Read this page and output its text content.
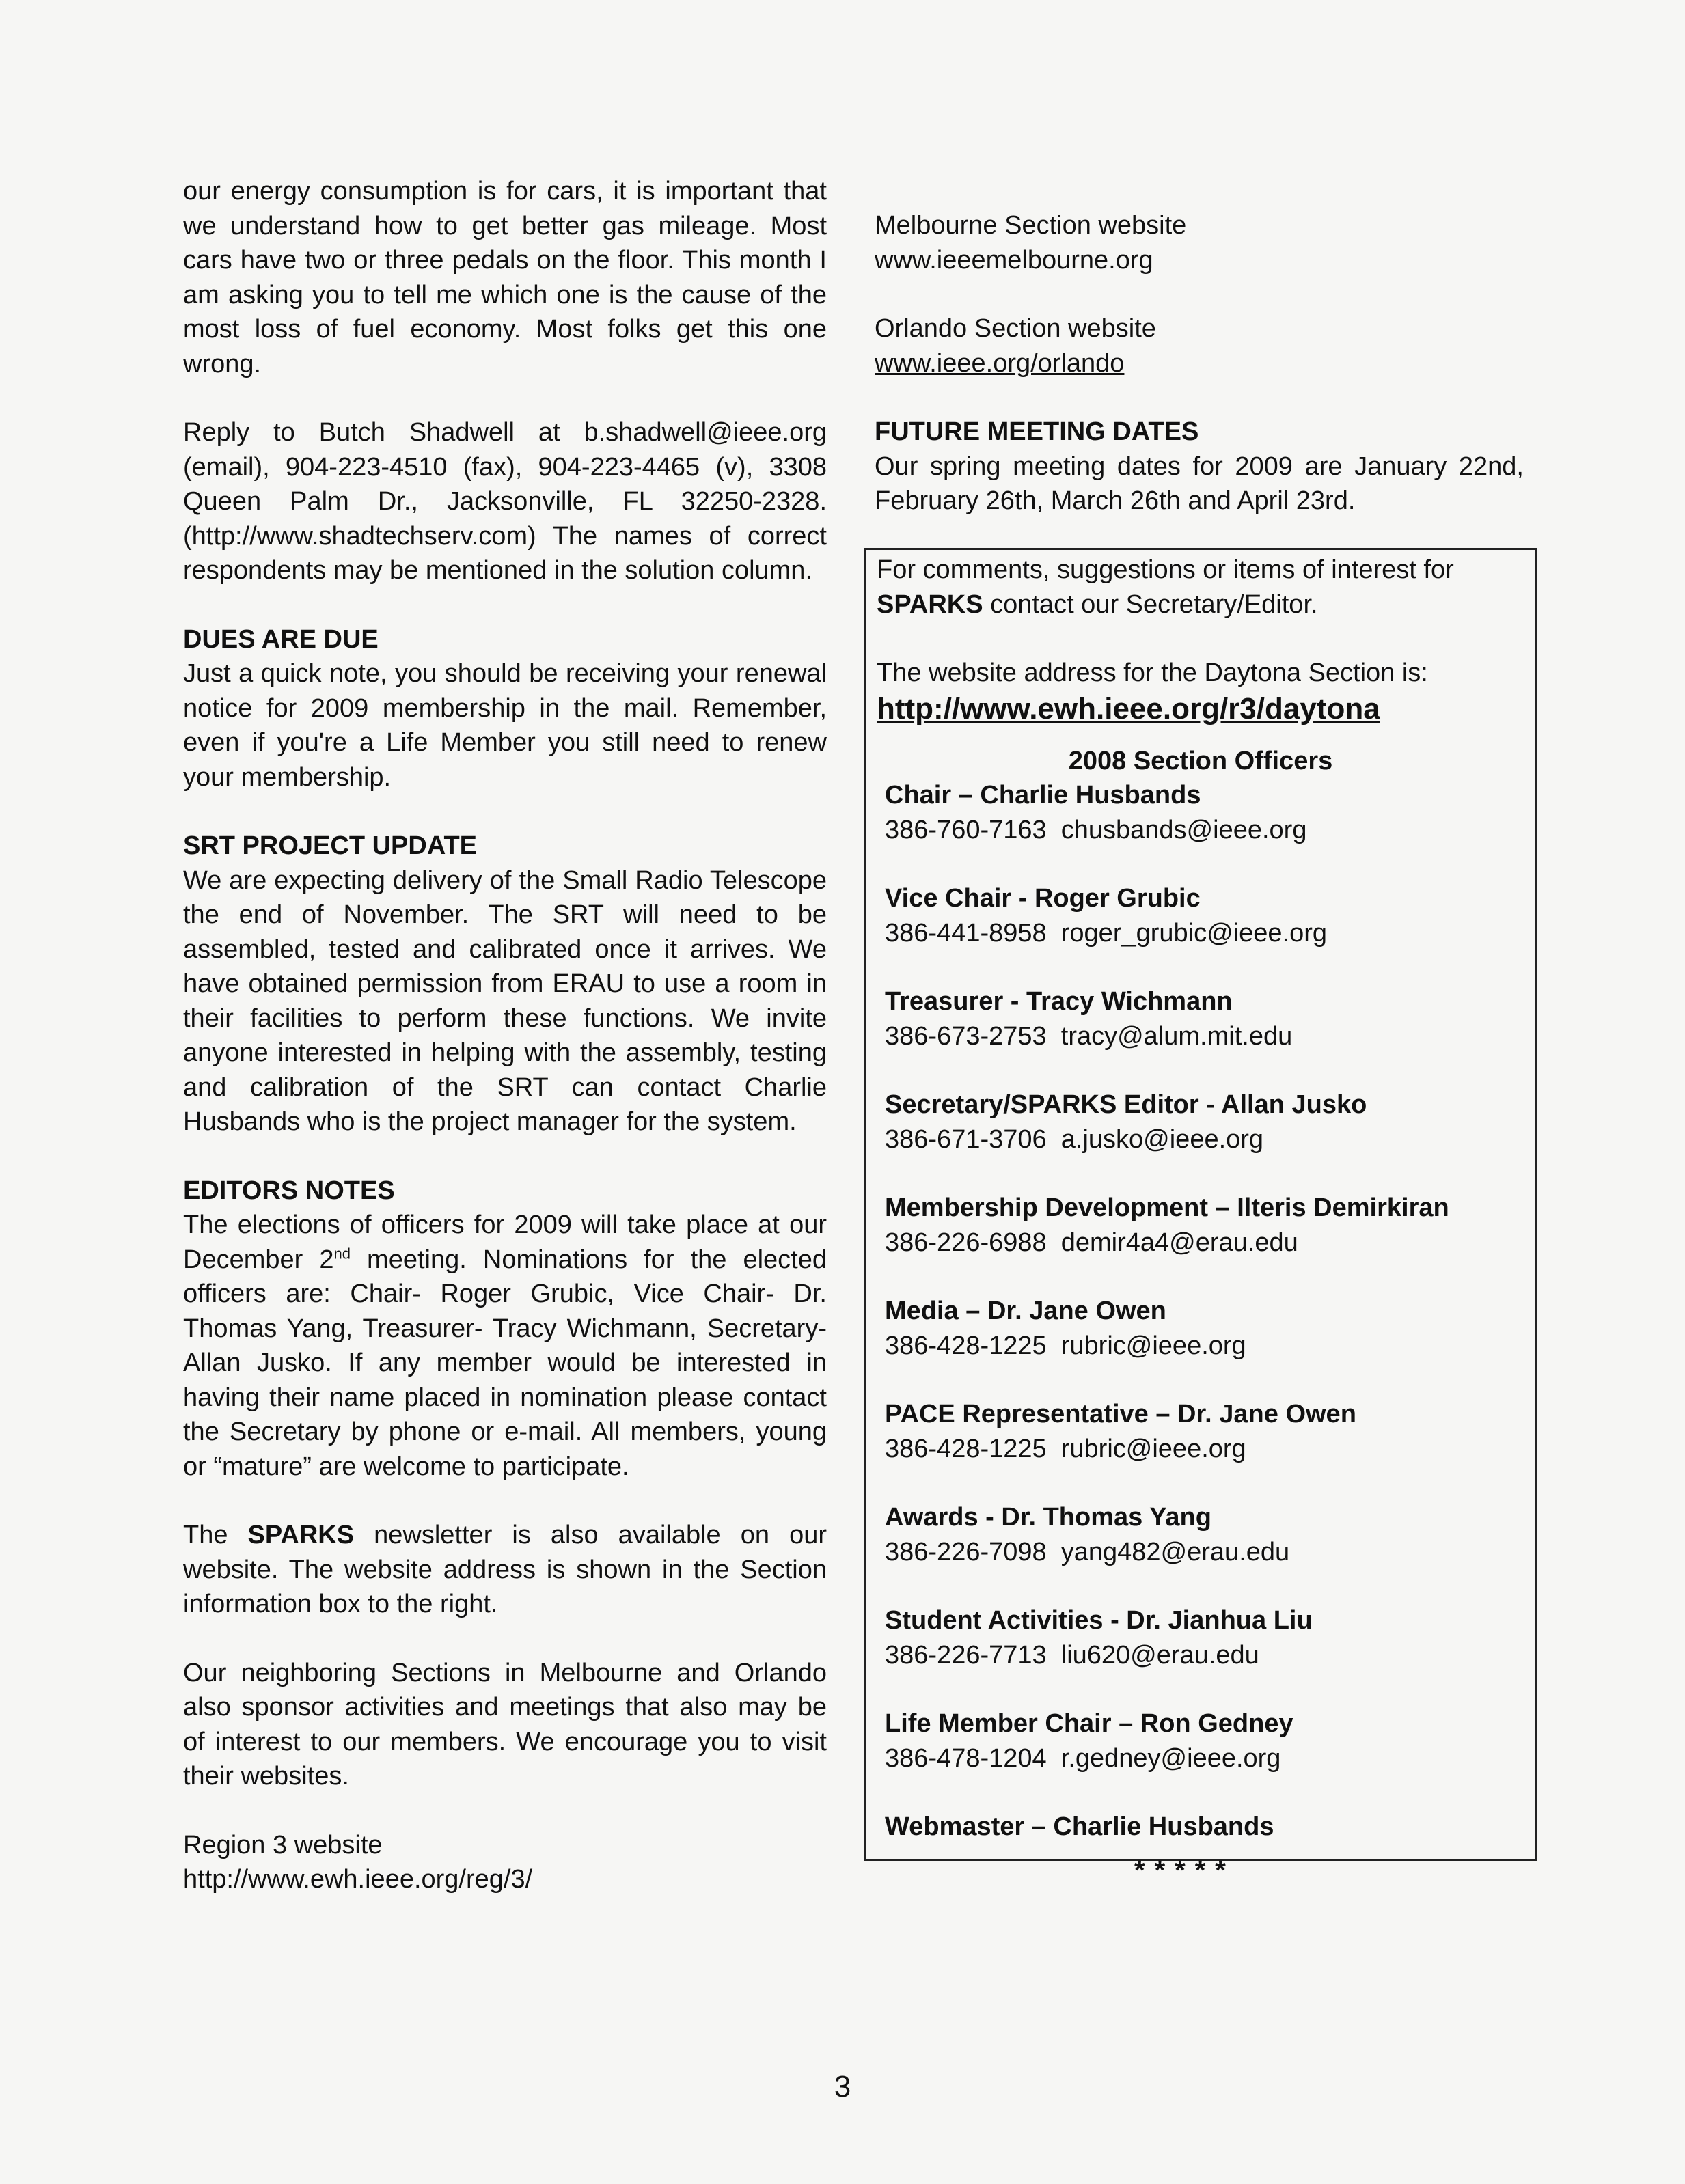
our energy consumption is for cars, it is important that we understand how to get better gas mileage. Most cars have two or three pedals on the floor. This month I am asking you to tell me which one is the cause of the most loss of fuel economy. Most folks get this one wrong.

Reply to Butch Shadwell at b.shadwell@ieee.org (email), 904-223-4510 (fax), 904-223-4465 (v), 3308 Queen Palm Dr., Jacksonville, FL 32250-2328. (http://www.shadtechserv.com) The names of correct respondents may be mentioned in the solution column.

DUES ARE DUE

Just a quick note, you should be receiving your renewal notice for 2009 membership in the mail. Remember, even if you're a Life Member you still need to renew your membership.

SRT PROJECT UPDATE

We are expecting delivery of the Small Radio Telescope the end of November. The SRT will need to be assembled, tested and calibrated once it arrives. We have obtained permission from ERAU to use a room in their facilities to perform these functions. We invite anyone interested in helping with the assembly, testing and calibration of the SRT can contact Charlie Husbands who is the project manager for the system.

EDITORS NOTES

The elections of officers for 2009 will take place at our December 2nd meeting. Nominations for the elected officers are: Chair- Roger Grubic, Vice Chair- Dr. Thomas Yang, Treasurer- Tracy Wichmann, Secretary- Allan Jusko. If any member would be interested in having their name placed in nomination please contact the Secretary by phone or e-mail. All members, young or “mature” are welcome to participate.

The SPARKS newsletter is also available on our website. The website address is shown in the Section information box to the right.

Our neighboring Sections in Melbourne and Orlando also sponsor activities and meetings that also may be of interest to our members. We encourage you to visit their websites.

Region 3 website

http://www.ewh.ieee.org/reg/3/

Melbourne Section website

www.ieeemelbourne.org

Orlando Section website

www.ieee.org/orlando

FUTURE MEETING DATES

Our spring meeting dates for 2009 are January 22nd, February 26th, March 26th and April 23rd.

For comments, suggestions or items of interest for SPARKS contact our Secretary/Editor.

The website address for the Daytona Section is:

http://www.ewh.ieee.org/r3/daytona

2008 Section Officers

Chair – Charlie Husbands
386-760-7163  chusbands@ieee.org
Vice Chair - Roger Grubic
386-441-8958  roger_grubic@ieee.org
Treasurer - Tracy Wichmann
386-673-2753  tracy@alum.mit.edu
Secretary/SPARKS Editor - Allan Jusko
386-671-3706  a.jusko@ieee.org
Membership Development – Ilteris Demirkiran
386-226-6988  demir4a4@erau.edu
Media – Dr. Jane Owen
386-428-1225  rubric@ieee.org
PACE Representative – Dr. Jane Owen
386-428-1225  rubric@ieee.org
Awards - Dr. Thomas Yang
386-226-7098  yang482@erau.edu
Student Activities - Dr. Jianhua Liu
386-226-7713  liu620@erau.edu
Life Member Chair – Ron Gedney
386-478-1204  r.gedney@ieee.org
Webmaster – Charlie Husbands
*****
3
